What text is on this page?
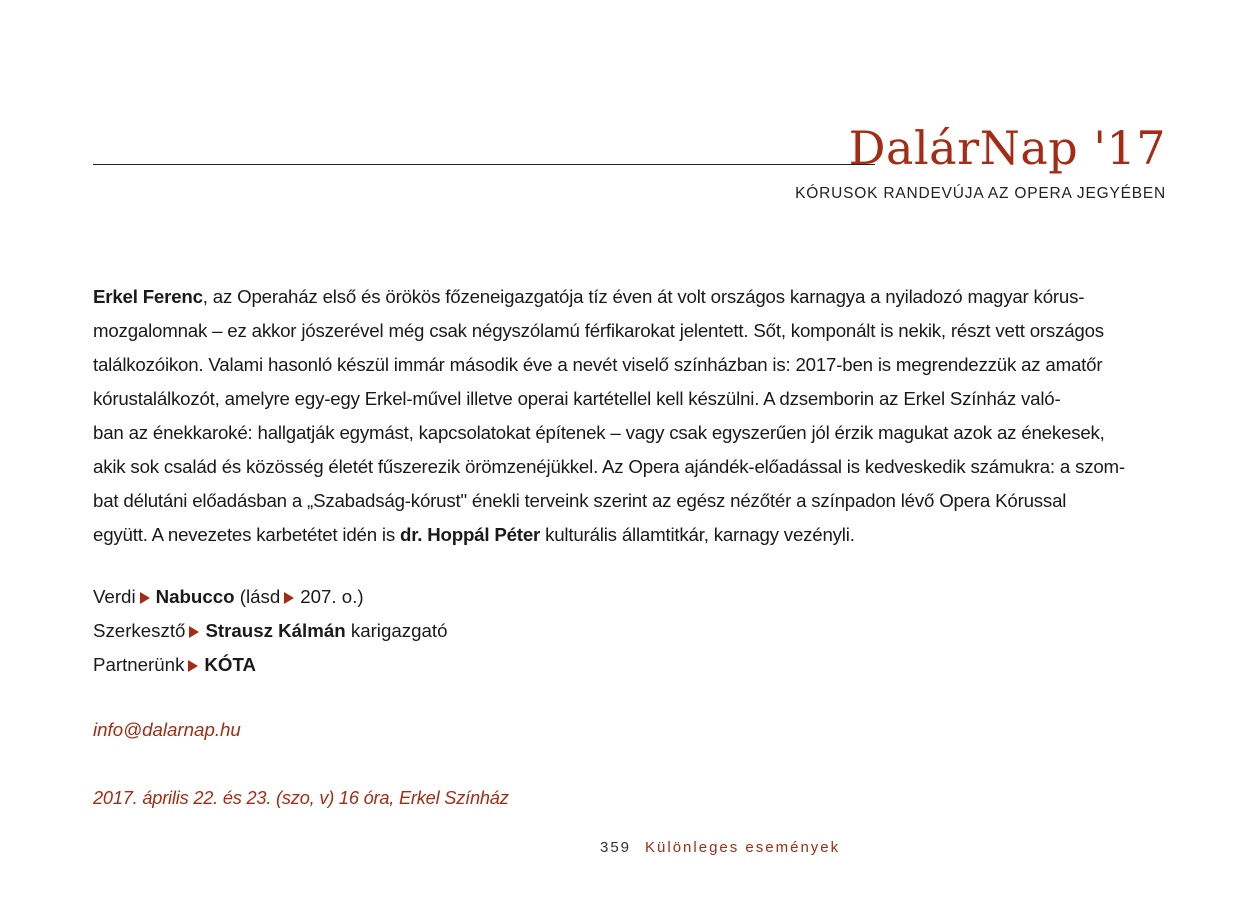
DalárNap '17
KÓRUSOK RANDEVÚJA AZ OPERA JEGYÉBEN
Erkel Ferenc, az Operaház első és örökös főzeneigazgatója tíz éven át volt országos karnagya a nyiladozó magyar kórus-
mozgalomnak – ez akkor jószerével még csak négyszólamú férfikarokat jelentett. Sőt, komponált is nekik, részt vett országos
találkozóikon. Valami hasonló készül immár második éve a nevét viselő színházban is: 2017-ben is megrendezzük az amatőr
kórustalálkozót, amelyre egy-egy Erkel-művel illetve operai kartétellel kell készülni. A dzsemborin az Erkel Színház való-
ban az énekkaroké: hallgatják egymást, kapcsolatokat építenek – vagy csak egyszerűen jól érzik magukat azok az énekesek,
akik sok család és közösség életét fűszerezik örömzenéjükkel. Az Opera ajándék-előadással is kedveskedik számukra: a szom-
bat délutáni előadásban a „Szabadság-kórust" énekli terveink szerint az egész nézőtér a színpadon lévő Opera Kórussal
együtt. A nevezetes karbetétet idén is dr. Hoppál Péter kulturális államtitkár, karnagy vezényli.
Verdi Nabucco (lásd 207. o.)
Szerkesztő Strausz Kálmán karigazgató
Partnerünk KÓTA
info@dalarnap.hu
2017. április 22. és 23. (szo, v) 16 óra, Erkel Színház
359 Különleges események
